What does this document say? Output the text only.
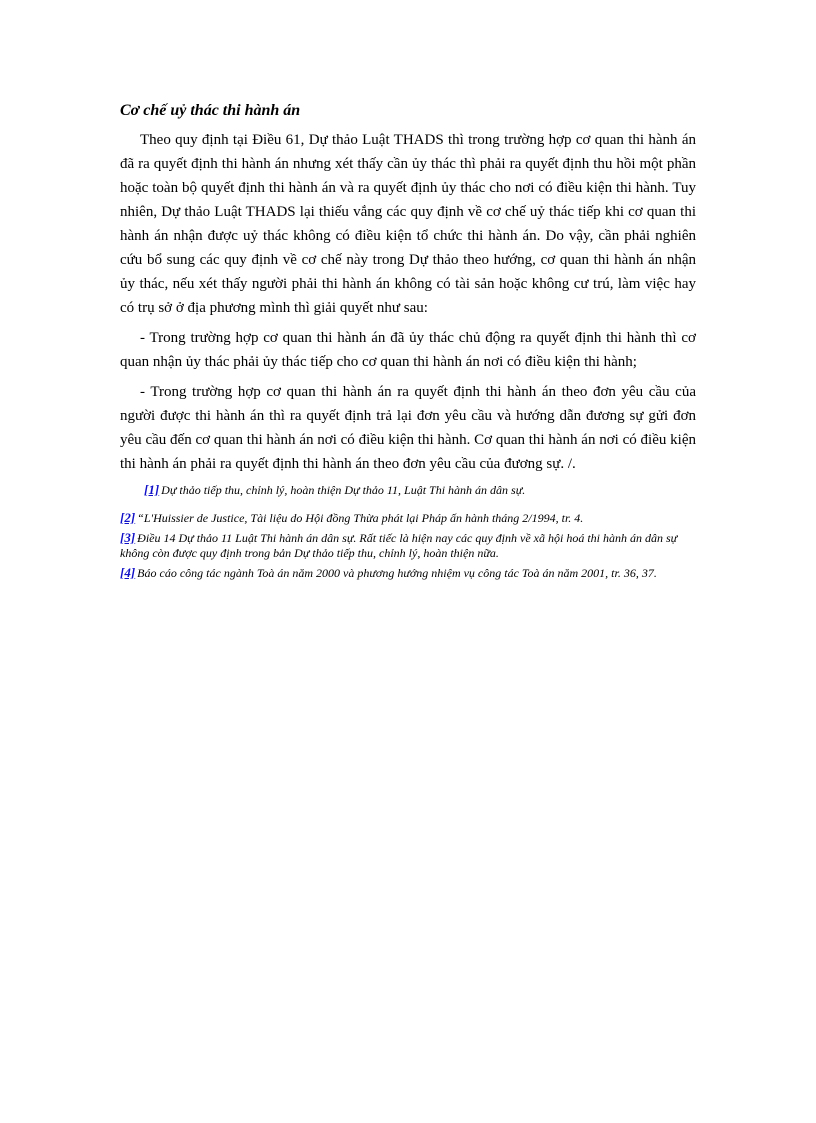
Cơ chế uỷ thác thi hành án

Theo quy định tại Điều 61, Dự thảo Luật THADS thì trong trường hợp cơ quan thi hành án đã ra quyết định thi hành án nhưng xét thấy cần ủy thác thì phải ra quyết định thu hồi một phần hoặc toàn bộ quyết định thi hành án và ra quyết định ủy thác cho nơi có điều kiện thi hành. Tuy nhiên, Dự thảo Luật THADS lại thiếu vắng các quy định về cơ chế uỷ thác tiếp khi cơ quan thi hành án nhận được uỷ thác không có điều kiện tổ chức thi hành án. Do vậy, cần phải nghiên cứu bổ sung các quy định về cơ chế này trong Dự thảo theo hướng, cơ quan thi hành án nhận ủy thác, nếu xét thấy người phải thi hành án không có tài sản hoặc không cư trú, làm việc hay có trụ sở ở địa phương mình thì giải quyết như sau:

- Trong trường hợp cơ quan thi hành án đã ủy thác chủ động ra quyết định thi hành thì cơ quan nhận ủy thác phải ủy thác tiếp cho cơ quan thi hành án nơi có điều kiện thi hành;

- Trong trường hợp cơ quan thi hành án ra quyết định thi hành án theo đơn yêu cầu của người được thi hành án thì ra quyết định trả lại đơn yêu cầu và hướng dẫn đương sự gửi đơn yêu cầu đến cơ quan thi hành án nơi có điều kiện thi hành. Cơ quan thi hành án nơi có điều kiện thi hành án phải ra quyết định thi hành án theo đơn yêu cầu của đương sự. /.

[1] Dự thảo tiếp thu, chỉnh lý, hoàn thiện Dự thảo 11, Luật Thi hành án dân sự.

[2] “L'Huissier de Justice, Tài liệu do Hội đồng Thừa phát lại Pháp ấn hành tháng 2/1994, tr. 4.

[3] Điều 14 Dự thảo 11 Luật Thi hành án dân sự. Rất tiếc là hiện nay các quy định về xã hội hoá thi hành án dân sự không còn được quy định trong bản Dự thảo tiếp thu, chỉnh lý, hoàn thiện nữa.

[4] Báo cáo công tác ngành Toà án năm 2000 và phương hướng nhiệm vụ công tác Toà án năm 2001, tr. 36, 37.
